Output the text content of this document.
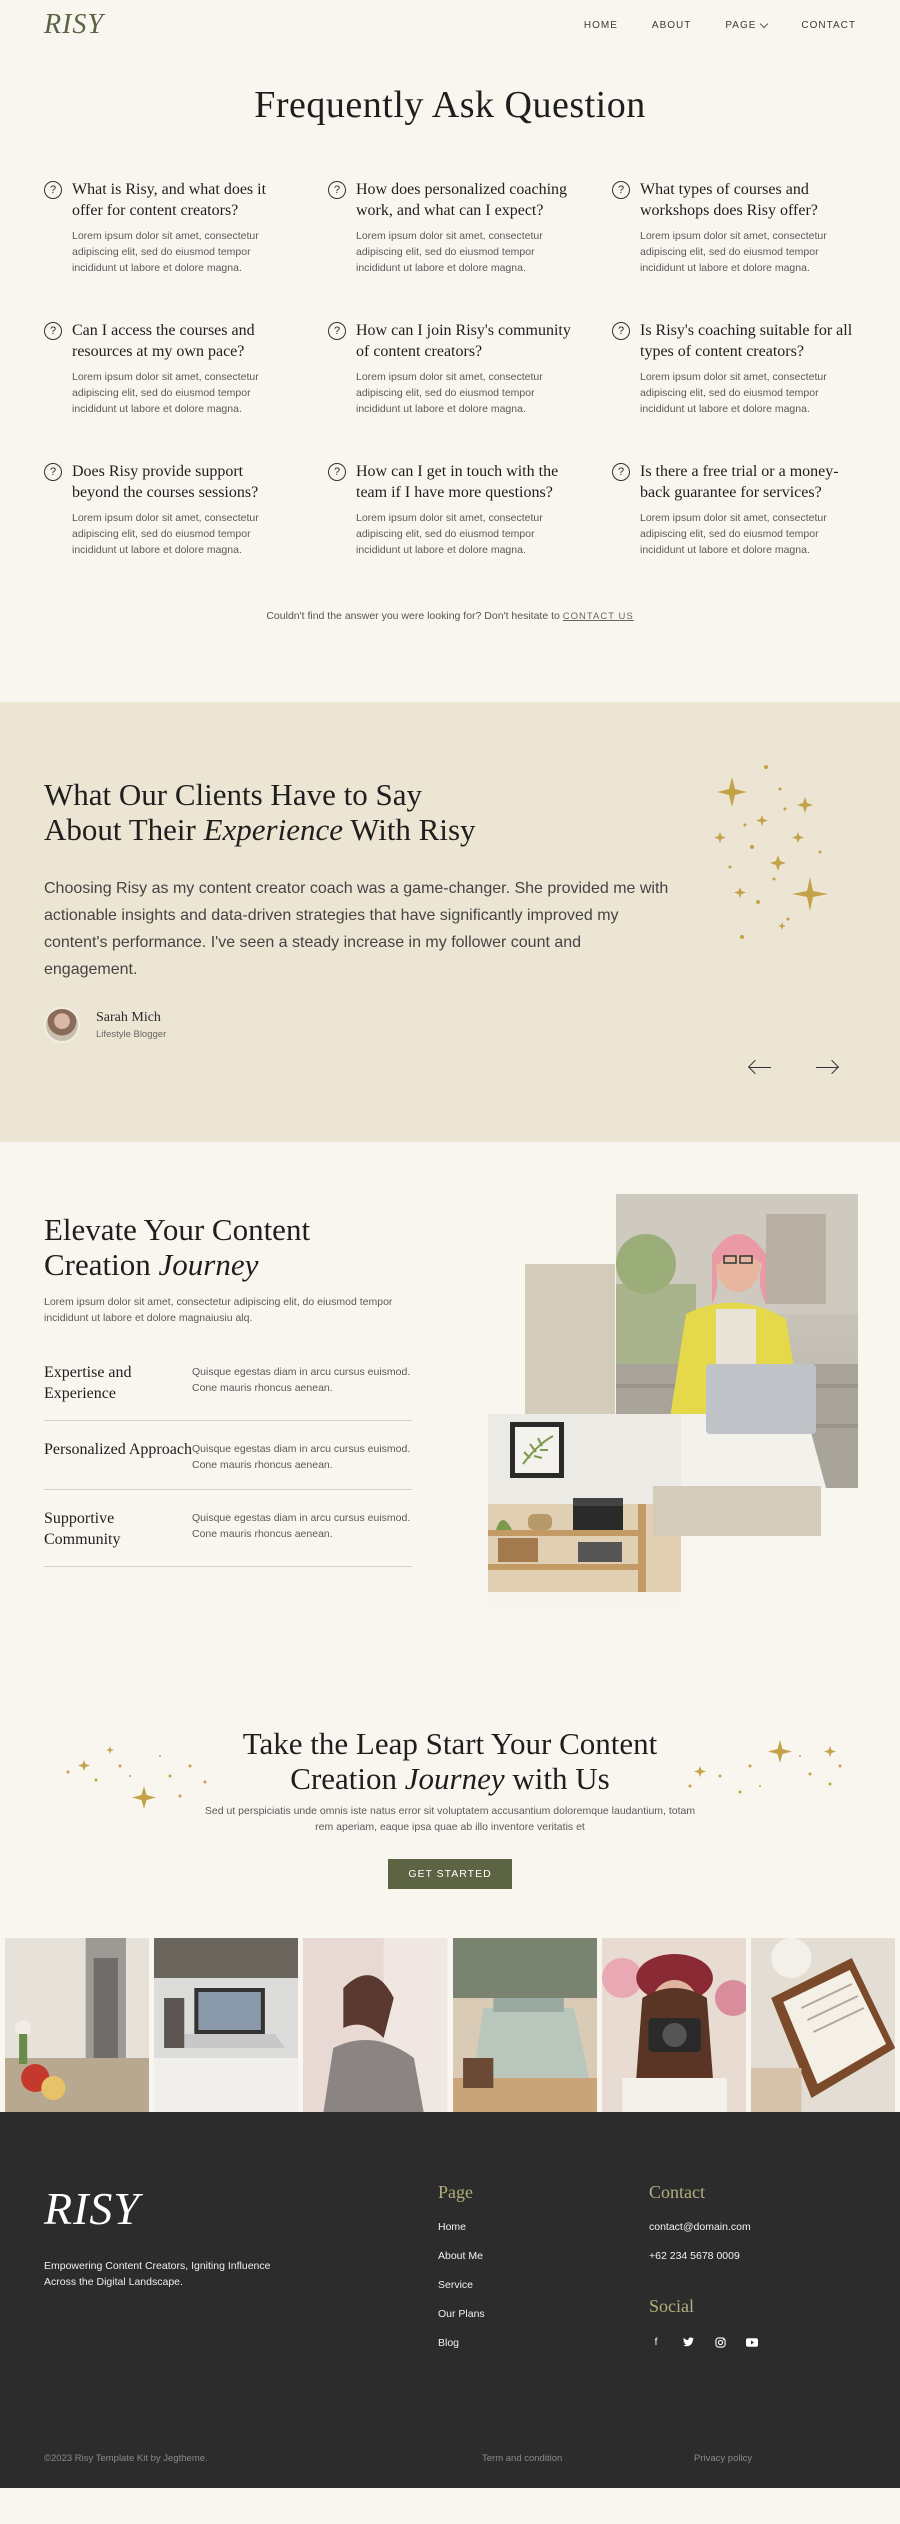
RISY	HOME	ABOUT	PAGE	CONTACT
Frequently Ask Question
? What is Risy, and what does it offer for content creators?
Lorem ipsum dolor sit amet, consectetur adipiscing elit, sed do eiusmod tempor incididunt ut labore et dolore magna.
? How does personalized coaching work, and what can I expect?
Lorem ipsum dolor sit amet, consectetur adipiscing elit, sed do eiusmod tempor incididunt ut labore et dolore magna.
? What types of courses and workshops does Risy offer?
Lorem ipsum dolor sit amet, consectetur adipiscing elit, sed do eiusmod tempor incididunt ut labore et dolore magna.
? Can I access the courses and resources at my own pace?
Lorem ipsum dolor sit amet, consectetur adipiscing elit, sed do eiusmod tempor incididunt ut labore et dolore magna.
? How can I join Risy's community of content creators?
Lorem ipsum dolor sit amet, consectetur adipiscing elit, sed do eiusmod tempor incididunt ut labore et dolore magna.
? Is Risy's coaching suitable for all types of content creators?
Lorem ipsum dolor sit amet, consectetur adipiscing elit, sed do eiusmod tempor incididunt ut labore et dolore magna.
? Does Risy provide support beyond the courses sessions?
Lorem ipsum dolor sit amet, consectetur adipiscing elit, sed do eiusmod tempor incididunt ut labore et dolore magna.
? How can I get in touch with the team if I have more questions?
Lorem ipsum dolor sit amet, consectetur adipiscing elit, sed do eiusmod tempor incididunt ut labore et dolore magna.
? Is there a free trial or a money-back guarantee for services?
Lorem ipsum dolor sit amet, consectetur adipiscing elit, sed do eiusmod tempor incididunt ut labore et dolore magna.

Couldn't find the answer you were looking for? Don't hesitate to CONTACT US

What Our Clients Have to Say
About Their Experience With Risy

Choosing Risy as my content creator coach was a game-changer. She provided me with actionable insights and data-driven strategies that have significantly improved my content's performance. I've seen a steady increase in my follower count and engagement.

Sarah Mich
Lifestyle Blogger
Elevate Your Content
Creation Journey

Lorem ipsum dolor sit amet, consectetur adipiscing elit, do eiusmod tempor incididunt ut labore et dolore magnaiusiu alq.

Expertise and Experience
Quisque egestas diam in arcu cursus euismod. Cone mauris rhoncus aenean.
Personalized Approach Quisque egestas diam in arcu cursus euismod. Cone mauris rhoncus aenean.
Supportive Community
Quisque egestas diam in arcu cursus euismod. Cone mauris rhoncus aenean.
Take the Leap Start Your Content
Creation Journey with Us

Sed ut perspiciatis unde omnis iste natus error sit voluptatem accusantium doloremque laudantium, totam rem aperiam, eaque ipsa quae ab illo inventore veritatis et

GET STARTED
RISY

Empowering Content Creators, Igniting Influence Across the Digital Landscape.

Page
Home
About Me
Service
Our Plans
Blog
Contact
contact@domain.com
+62 234 5678 0009
Social
f
©2023 Risy Template Kit by Jegtheme.	Term and condition	Privacy policy
